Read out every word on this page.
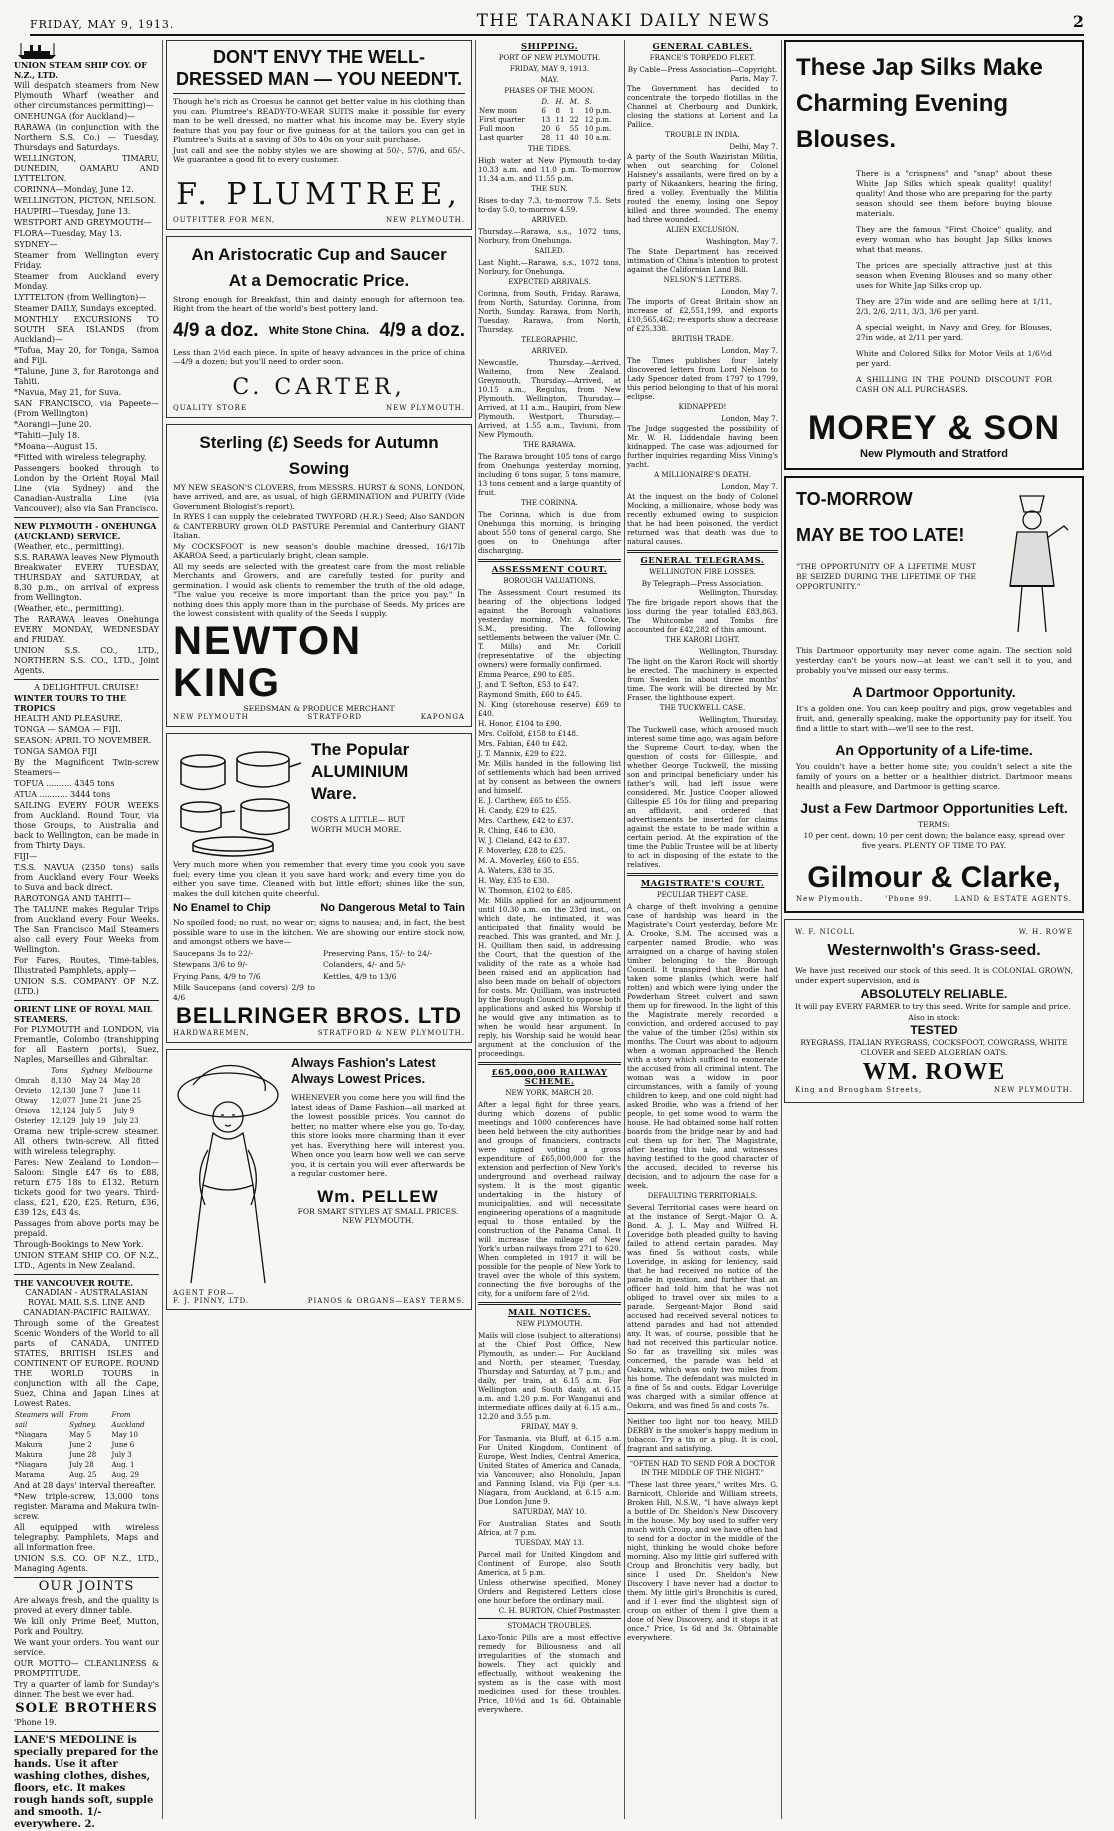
FRIDAY, MAY 9, 1913.	THE TARANAKI DAILY NEWS	2
UNION STEAM SHIP COY. OF N.Z., LTD.

Will despatch steamers from New Plymouth Wharf (weather and other circumstances permitting)—

ONEHUNGA (for Auckland)—

RARAWA (in conjunction with the Northern S.S. Co.) — Tuesday, Thursdays and Saturdays.

WELLINGTON, TIMARU, DUNEDIN, OAMARU AND LYTTELTON.

CORINNA—Monday, June 12.

WELLINGTON, PICTON, NELSON.

HAUPIRI—Tuesday, June 13.

WESTPORT AND GREYMOUTH—

FLORA—Tuesday, May 13.

SYDNEY—

Steamer from Wellington every Friday.

Steamer from Auckland every Monday.

LYTTELTON (from Wellington)—

Steamer DAILY, Sundays excepted.

MONTHLY EXCURSIONS TO SOUTH SEA ISLANDS (from Auckland)—

*Tofua, May 20, for Tonga, Samoa and Fiji.

*Talune, June 3, for Rarotonga and Tahiti.

*Navua, May 21, for Suva.

SAN FRANCISCO, via Papeete— (From Wellington)

*Aorangi—June 20.

*Tahiti—July 18.

*Moana—August 15.

*Fitted with wireless telegraphy.

Passengers booked through to London by the Orient Royal Mail Line (via Sydney) and the Canadian-Australia Line (via Vancouver); also via San Francisco.

NEW PLYMOUTH - ONEHUNGA (AUCKLAND) SERVICE.

(Weather, etc., permitting).

S.S. RARAWA leaves New Plymouth Breakwater EVERY TUESDAY, THURSDAY and SATURDAY, at 8.30 p.m., on arrival of express from Wellington.

(Weather, etc., permitting).

The RARAWA leaves Onehunga EVERY MONDAY, WEDNESDAY and FRIDAY.

UNION S.S. CO., LTD., NORTHERN S.S. CO., LTD., Joint Agents.

A DELIGHTFUL CRUISE!
WINTER TOURS TO THE TROPICS

HEALTH AND PLEASURE.

TONGA — SAMOA — FIJI.

SEASON: APRIL TO NOVEMBER.

TONGA SAMOA FIJI

By the Magnificent Twin-screw Steamers—

TOFUA .......... 4345 tons

ATUA ........... 3444 tons

SAILING EVERY FOUR WEEKS from Auckland. Round Tour, via those Groups, to Australia and back to Wellington, can be made in from Thirty Days.

FIJI—

T.S.S. NAVUA (2350 tons) sails from Auckland every Four Weeks to Suva and back direct.

RAROTONGA AND TAHITI—

The TALUNE makes Regular Trips from Auckland every Four Weeks. The San Francisco Mail Steamers also call every Four Weeks from Wellington.

For Fares, Routes, Time-tables, Illustrated Pamphlets, apply—

UNION S.S. COMPANY OF N.Z. (LTD.)

ORIENT LINE OF ROYAL MAIL STEAMERS.

For PLYMOUTH and LONDON, via Fremantle, Colombo (transhipping for all Eastern ports), Suez, Naples, Marseilles and Gibraltar.

	Tons	Sydney	Melbourne
Omrah	8,130	May 24	May 28
Orvieto	12,130	June 7	June 11
Otway	12,077	June 21	June 25
Orsova	12,124	July 5	July 9
Osterley	12,129	July 19	July 23

Orama new triple-screw steamer. All others twin-screw. All fitted with wireless telegraphy.

Fares: New Zealand to London—Saloon: Single £47 6s to £88, return £75 18s to £132. Return tickets good for two years. Third-class, £21, £20, £25. Return, £36, £39 12s, £43 4s.

Passages from above ports may be prepaid.

Through-Bookings to New York.

UNION STEAM SHIP CO. OF N.Z., LTD., Agents in New Zealand.

THE VANCOUVER ROUTE.
CANADIAN - AUSTRALASIAN ROYAL MAIL S.S. LINE AND CANADIAN-PACIFIC RAILWAY.

Through some of the Greatest Scenic Wonders of the World to all parts of CANADA, UNITED STATES, BRITISH ISLES and CONTINENT OF EUROPE. ROUND THE WORLD TOURS in conjunction with all the Cape, Suez, China and Japan Lines at Lowest Rates.

Steamers will sail	From Sydney.	From Auckland
*Niagara	May 5	May 10
Makura	June 2	June 6
Makura	June 28	July 3
*Niagara	July 28	Aug. 1
Marama	Aug. 25	Aug. 29

And at 28 days' interval thereafter.

*New triple-screw, 13,000 tons register. Marama and Makura twin-screw.

All equipped with wireless telegraphy. Pamphlets, Maps and all information free.

UNION S.S. CO. OF N.Z., LTD., Managing Agents.

OUR JOINTS

Are always fresh, and the quality is proved at every dinner table.

We kill only Prime Beef, Mutton, Pork and Poultry.

We want your orders. You want our service.

OUR MOTTO— CLEANLINESS & PROMPTITUDE.

Try a quarter of lamb for Sunday's dinner. The best we ever had.

SOLE BROTHERS
'Phone 19.
LANE'S MEDOLINE is specially prepared for the hands. Use it after washing clothes, dishes, floors, etc. It makes rough hands soft, supple and smooth. 1/- everywhere. 2.
DON'T ENVY THE WELL-DRESSED MAN — YOU NEEDN'T.

Though he's rich as Croesus he cannot get better value in his clothing than you can. Plumtree's READY-TO-WEAR SUITS make it possible for every man to be well dressed, no matter what his income may be. Every style feature that you pay four or five guineas for at the tailors you can get in Plumtree's Suits at a saving of 30s to 40s on your suit purchase.

Just call and see the nobby styles we are showing at 50/-, 57/6, and 65/-. We guarantee a good fit to every customer.

F. PLUMTREE,
OUTFITTER FOR MEN,	NEW PLYMOUTH.
An Aristocratic Cup and Saucer
At a Democratic Price.

Strong enough for Breakfast, thin and dainty enough for afternoon tea. Right from the heart of the world's best pottery land.

4/9 a doz. White Stone China. 4/9 a doz.

Less than 2½d each piece. In spite of heavy advances in the price of china—4/9 a dozen; but you'll need to order soon.

C. CARTER,
QUALITY STORE	NEW PLYMOUTH.
Sterling (£) Seeds for Autumn
Sowing

MY NEW SEASON'S CLOVERS, from MESSRS. HURST & SONS, LONDON, have arrived, and are, as usual, of high GERMINATION and PURITY (Vide Government Biologist's report).

In RYES I can supply the celebrated TWYFORD (H.R.) Seed; Also SANDON & CANTERBURY grown OLD PASTURE Perennial and Canterbury GIANT Italian.

My COCKSFOOT is new season's double machine dressed, 16/17lb AKAROA Seed, a particularly bright, clean sample.

All my seeds are selected with the greatest care from the most reliable Merchants and Growers, and are carefully tested for purity and germination. I would ask clients to remember the truth of the old adage, "The value you receive is more important than the price you pay." In nothing does this apply more than in the purchase of Seeds. My prices are the lowest consistent with quality of the Seeds I supply.

NEWTON KING
SEEDSMAN & PRODUCE MERCHANT
NEW PLYMOUTH	STRATFORD	KAPONGA
The Popular
ALUMINIUM
Ware.
COSTS A LITTLE— BUT WORTH MUCH MORE.

Very much more when you remember that every time you cook you save fuel; every time you clean it you save hard work; and every time you do either you save time. Cleaned with but little effort; shines like the sun, makes the dull kitchen quite cheerful.

No Enamel to Chip	No Dangerous Metal to Tain

No spoiled food; no rust, no wear or; signs to nausea; and, in fact, the best possible ware to use in the kitchen. We are showing our entire stock now, and amongst others we have—

Saucepans 3s to 22/-	Preserving Pans, 15/- to 24/-

Stewpans 3/6 to 9/-	Colanders, 4/- and 5/-

Frying Pans, 4/9 to 7/6	Kettles, 4/9 to 13/6

Milk Saucepans (and covers) 2/9 to 4/6

BELLRINGER BROS. LTD
HARDWAREMEN,	STRATFORD & NEW PLYMOUTH.
Always Fashion's Latest
Always Lowest Prices.

WHENEVER you come here you will find the latest ideas of Dame Fashion—all marked at the lowest possible prices. You cannot do better, no matter where else you go. To-day, this store looks more charming than it ever yet has. Everything here will interest you. When once you learn how well we can serve you, it is certain you will ever afterwards be a regular customer here.

Wm. PELLEW
FOR SMART STYLES AT SMALL PRICES.
NEW PLYMOUTH.
AGENT FOR—
F. J. PINNY, LTD.	PIANOS & ORGANS—EASY TERMS.
SHIPPING.
PORT OF NEW PLYMOUTH.
FRIDAY, MAY 9, 1913.
MAY.
PHASES OF THE MOON.
	D.	H.	M.	S.
New moon	6	8	1	10 p.m.
First quarter	13	11	22	12 p.m.
Full moon	20	6	55	10 p.m.
Last quarter	28	11	40	10 a.m.
THE TIDES.

High water at New Plymouth to-day 10.33 a.m. and 11.0 p.m. To-morrow 11.34 a.m. and 11.55 p.m.

THE SUN.

Rises to-day 7.3, to-morrow 7.5. Sets to-day 5.0, to-morrow 4.59.

ARRIVED.

Thursday.—Rarawa, s.s., 1072 tons, Norbury, from Onehunga.

SAILED.

Last Night.—Rarawa, s.s., 1072 tons, Norbury, for Onehunga.

EXPECTED ARRIVALS.

Corinna, from South, Friday. Rarawa, from North, Saturday. Corinna, from North, Sunday. Rarawa, from North, Tuesday. Rarawa, from North, Thursday.

TELEGRAPHIC.
ARRIVED.

Newcastle, Thursday.—Arrived, Waitemo, from New Zealand. Greymouth, Thursday.—Arrived, at 10.15 a.m., Regulus, from New Plymouth. Wellington, Thursday.—Arrived, at 11 a.m., Haupiri, from New Plymouth. Westport, Thursday.—Arrived, at 1.55 a.m., Taviuni, from New Plymouth.

THE RARAWA.

The Rarawa brought 105 tons of cargo from Onehunga yesterday morning, including 6 tons sugar, 5 tons manure, 13 tons cement and a large quantity of fruit.

THE CORINNA.

The Corinna, which is due from Onehunga this morning, is bringing about 550 tons of general cargo. She goes on to Onehunga after discharging.

ASSESSMENT COURT.
BOROUGH VALUATIONS.

The Assessment Court resumed its hearing of the objections lodged against the Borough valuations yesterday morning, Mr. A. Crooke, S.M., presiding. The following settlements between the valuer (Mr. C. T. Mills) and Mr. Corkill (representative of the objecting owners) were formally confirmed.

Emma Pearce, £90 to £85.

J. and T. Sefton, £53 to £47.

Raymond Smith, £60 to £45.

N. King (storehouse reserve) £69 to £40.

H. Honor, £104 to £90.

Mrs. Colfold, £158 to £148.

Mrs. Fabian, £40 to £42.

J. T. Mannix, £29 to £22.

Mr. Mills handed in the following list of settlements which had been arrived at by consent as between the owners and himself.

E. J. Carthew, £65 to £55.

H. Candy, £29 to £25.

Mrs. Carthew, £42 to £37.

R. Ching, £46 to £30.

W. J. Cleland, £42 to £37.

F. Moverley, £28 to £25.

M. A. Moverley, £60 to £55.

A. Waters, £38 to 35.

H. Way, £35 to £30.

W. Thomson, £102 to £85.

Mr. Mills applied for an adjournment until 10.30 a.m. on the 23rd inst., on which date, he intimated, it was anticipated that finality would be reached. This was granted, and Mr. J. H. Quilliam then said, in addressing the Court, that the question of the validity of the rate as a whole had been raised and an application had also been made on behalf of objectors for costs. Mr. Quilliam, was instructed by the Borough Council to oppose both applications and asked his Worship if he would give any intimation as to when he would hear argument. In reply, his Worship said he would hear argument at the conclusion of the proceedings.

£65,000,000 RAILWAY SCHEME.
NEW YORK, MARCH 20.

After a legal fight for three years, during which dozens of public meetings and 1000 conferences have been held between the city authorities and groups of financiers, contracts were signed voting a gross expenditure of £65,000,000 for the extension and perfection of New York's underground and overhead railway system. It is the most gigantic undertaking in the history of municipalities, and will necessitate engineering operations of a magnitude equal to those entailed by the construction of the Panama Canal. It will increase the mileage of New York's urban railways from 271 to 620. When completed in 1917 it will be possible for the people of New York to travel over the whole of this system, connecting the five boroughs of the city, for a uniform fare of 2½d.

MAIL NOTICES.
NEW PLYMOUTH.

Mails will close (subject to alterations) at the Chief Post Office, New Plymouth, as under:— For Auckland and North, per steamer, Tuesday, Thursday and Saturday, at 7 p.m.; and daily, per train, at 6.15 a.m. For Wellington and South daily, at 6.15 a.m. and 1.20 p.m. For Wanganui and intermediate offices daily at 6.15 a.m., 12.20 and 3.55 p.m.

FRIDAY, MAY 9.

For Tasmania, via Bluff, at 6.15 a.m. For United Kingdom, Continent of Europe, West Indies, Central America, United States of America and Canada, via Vancouver; also Honolulu, Japan and Fanning Island, via Fiji (per s.s. Niagara, from Auckland, at 6.15 a.m. Due London June 9.

SATURDAY, MAY 10.

For Australian States and South Africa, at 7 p.m.

TUESDAY, MAY 13.

Parcel mail for United Kingdom and Continent of Europe, also South America, at 5 p.m.

Unless otherwise specified, Money Orders and Registered Letters close one hour before the ordinary mail.

C. H. BURTON, Chief Postmaster.
STOMACH TROUBLES.

Laxo-Tonic Pills are a most effective remedy for Biliousness and all irregularities of the stomach and bowels. They act quickly and effectually, without weakening the system as is the case with most medicines used for these troubles. Price, 10½d and 1s 6d. Obtainable everywhere.

GENERAL CABLES.
FRANCE'S TORPEDO FLEET.
By Cable—Press Association—Copyright.
Paris, May 7.

The Government has decided to concentrate the torpedo flotillas in the Channel at Cherbourg and Dunkirk, closing the stations at Lorient and La Pallice.

TROUBLE IN INDIA.
Delhi, May 7.

A party of the South Waziristan Militia, when out searching for Colonel Haisney's assailants, were fired on by a party of Nikaankers, hearing the firing, fired a volley. Eventually the Militia routed the enemy, losing one Sepoy killed and three wounded. The enemy had three wounded.

ALIEN EXCLUSION.
Washington, May 7.

The State Department has received intimation of China's intention to protest against the Californian Land Bill.

NELSON'S LETTERS.
London, May 7.

The imports of Great Britain show an increase of £2,551,199, and exports £10,565,462; re-exports show a decrease of £25,338.

BRITISH TRADE.
London, May 7.

The Times publishes four lately discovered letters from Lord Nelson to Lady Spencer dated from 1797 to 1799, this period belonging to that of his moral eclipse.

KIDNAPPED!
London, May 7.

The Judge suggested the possibility of Mr. W. H. Liddendale having been kidnapped. The case was adjourned for further inquiries regarding Miss Vining's yacht.

A MILLIONAIRE'S DEATH.
London, May 7.

At the inquest on the body of Colonel Mocking, a millionaire, whose body was recently exhumed owing to suspicion that he had been poisoned, the verdict returned was that death was due to natural causes.

GENERAL TELEGRAMS.
WELLINGTON FIRE LOSSES.
By Telegraph—Press Association.
Wellington, Thursday.

The fire brigade report shows that the loss during the year totalled £83,863. The Whitcombe and Tombs fire accounted for £42,282 of this amount.

THE KARORI LIGHT.
Wellington, Thursday.

The light on the Karori Rock will shortly be erected. The machinery is expected from Sweden in about three months' time. The work will be directed by Mr. Fraser, the lighthouse expert.

THE TUCKWELL CASE.
Wellington, Thursday.

The Tuckwell case, which aroused much interest some time ago, was again before the Supreme Court to-day, when the question of costs for Gillespie, and whether George Tuckwell, the missing son and principal beneficiary under his father's will, had left issue were considered. Mr. Justice Cooper allowed Gillespie £5 10s for filing and preparing an affidavit, and ordered that advertisements be inserted for claims against the estate to be made within a certain period. At the expiration of the time the Public Trustee will be at liberty to act in disposing of the estate to the relatives.

MAGISTRATE'S COURT.
PECULIAR THEFT CASE.

A charge of theft involving a genuine case of hardship was heard in the Magistrate's Court yesterday, before Mr. A. Crooke, S.M. The accused was a carpenter named Brodie, who was arraigned on a charge of having stolen timber belonging to the Borough Council. It transpired that Brodie had taken some planks (which were half rotten) and which were lying under the Powderham Street culvert and sawn them up for firewood. In the light of this the Magistrate merely recorded a conviction, and ordered accused to pay the value of the timber (25s) within six months. The Court was about to adjourn when a woman approached the Bench with a story which sufficed to exonerate the accused from all criminal intent. The woman was a widow in poor circumstances, with a family of young children to keep, and one cold night had asked Brodie, who was a friend of her people, to get some wood to warm the house. He had obtained some half rotten boards from the bridge near by and had cut them up for her. The Magistrate, after hearing this tale, and witnesses having testified to the good character of the accused, decided to reverse his decision, and to adjourn the case for a week.

DEFAULTING TERRITORIALS.

Several Territorial cases were heard on at the instance of Sergt.-Major O. A. Bond. A. J. L. May and Wilfred H. Loveridge both pleaded guilty to having failed to attend certain parades. May was fined 5s without costs, while Loveridge, in asking for leniency, said that he had received no notice of the parade in question, and further that an officer had told him that he was not obliged to travel over six miles to a parade. Sergeant-Major Bond said accused had received several notices to attend parades and had not attended any. It was, of course, possible that he had not received this particular notice. So far as travelling six miles was concerned, the parade was held at Oakura, which was only two miles from his home. The defendant was mulcted in a fine of 5s and costs. Edgar Loveridge was charged with a similar offence at Oakura, and was fined 5s and costs 7s.

Neither too light nor too heavy, MILD DERBY is the smoker's happy medium in tobacco. Try a tin or a plug. It is cool, fragrant and satisfying.

"OFTEN HAD TO SEND FOR A DOCTOR IN THE MIDDLE OF THE NIGHT."

"These last three years," writes Mrs. G. Barnicott, Chloride and William streets, Broken Hill, N.S.W., "I have always kept a bottle of Dr. Sheldon's New Discovery in the house. My boy used to suffer very much with Croup, and we have often had to send for a doctor in the middle of the night, thinking he would choke before morning. Also my little girl suffered with Croup and Bronchitis very badly, but since I used Dr. Sheldon's New Discovery I have never had a doctor to them. My little girl's Bronchitis is cured, and if I ever find the slightest sign of croup on either of them I give them a dose of New Discovery, and it stops it at once." Price, 1s 6d and 3s. Obtainable everywhere.

These Jap Silks Make
Charming Evening
Blouses.

There is a "crispness" and "snap" about these White Jap Silks which speak quality! quality! quality! And those who are preparing for the party season should see them before buying blouse materials.

They are the famous "First Choice" quality, and every woman who has bought Jap Silks knows what that means.

The prices are specially attractive just at this season when Evening Blouses and so many other uses for White Jap Silks crop up.

They are 27in wide and are selling here at 1/11, 2/3, 2/6, 2/11, 3/3, 3/6 per yard.

A special weight, in Navy and Grey, for Blouses, 27in wide, at 2/11 per yard.

White and Colored Silks for Motor Veils at 1/6½d per yard.

A SHILLING IN THE POUND DISCOUNT FOR CASH ON ALL PURCHASES.

MOREY & SON
New Plymouth and Stratford
TO-MORROW
MAY BE TOO LATE!

"THE OPPORTUNITY OF A LIFETIME MUST BE SEIZED DURING THE LIFETIME OF THE OPPORTUNITY."

This Dartmoor opportunity may never come again. The section sold yesterday can't be yours now—at least we can't sell it to you, and probably you've missed our easy terms.

A Dartmoor Opportunity.

It's a golden one. You can keep poultry and pigs, grow vegetables and fruit, and, generally speaking, make the opportunity pay for itself. You find a little to start with—we'll see to the rest.

An Opportunity of a Life-time.

You couldn't have a better home site; you couldn't select a site the family of yours on a better or a healthier district. Dartmoor means health and pleasure, and Dartmoor is getting scarce.

Just a Few Dartmoor Opportunities Left.
TERMS:

10 per cent. down; 10 per cent down; the balance easy, spread over five years. PLENTY OF TIME TO PAY.

Gilmour & Clarke,
New Plymouth.	'Phone 99.	LAND & ESTATE AGENTS.
W. F. NICOLL	W. H. ROWE
Westernwolth's Grass-seed.

We have just received our stock of this seed. It is COLONIAL GROWN, under expert supervision, and is

ABSOLUTELY RELIABLE.

It will pay EVERY FARMER to try this seed. Write for sample and price.

Also in stock:
TESTED

RYEGRASS, ITALIAN RYEGRASS, COCKSFOOT, COWGRASS, WHITE CLOVER and SEED ALGERIAN OATS.

WM. ROWE
King and Brougham Streets,	NEW PLYMOUTH.
